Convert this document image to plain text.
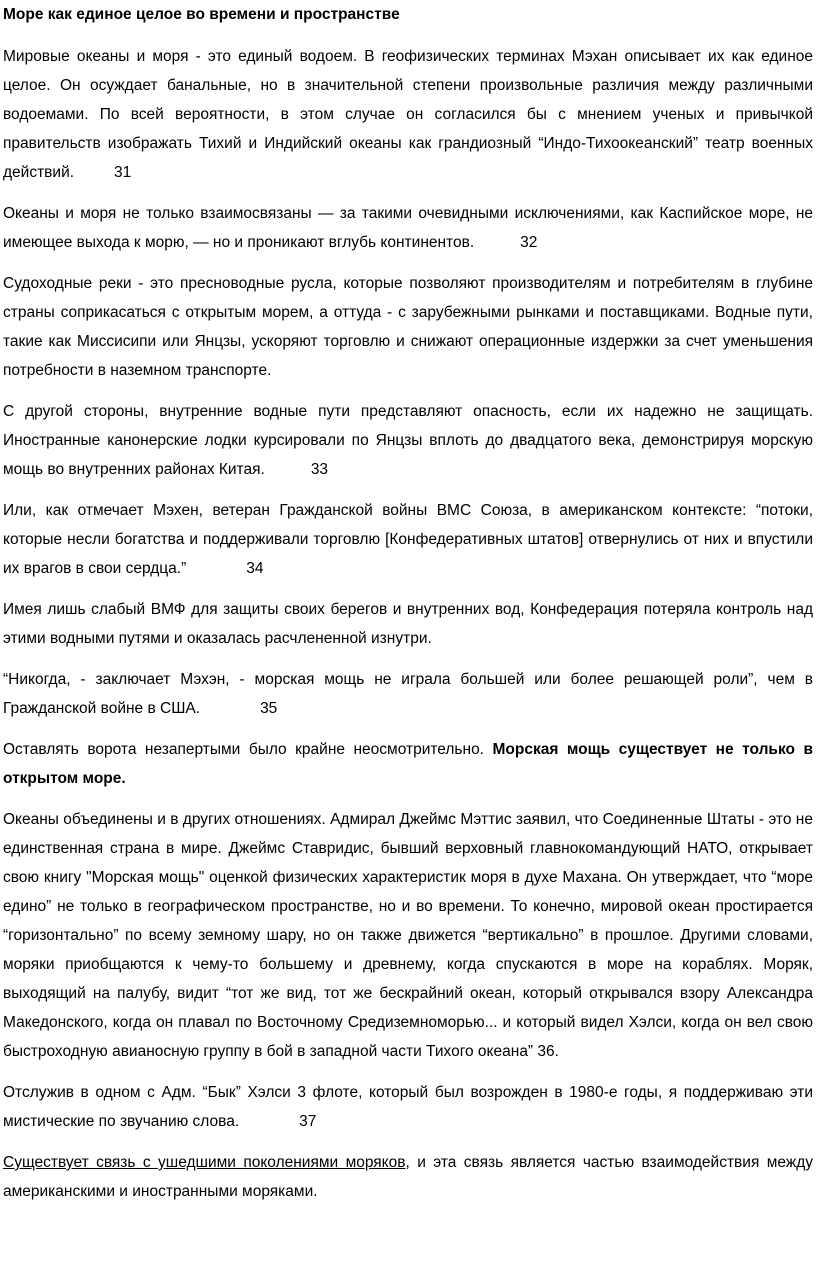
Море как единое целое во времени и пространстве

Мировые океаны и моря - это единый водоем. В геофизических терминах Мэхан описывает их как единое целое. Он осуждает банальные, но в значительной степени произвольные различия между различными водоемами. По всей вероятности, в этом случае он согласился бы с мнением ученых и привычкой правительств изображать Тихий и Индийский океаны как грандиозный “Индо-Тихоокеанский” театр военных действий.	31

Океаны и моря не только взаимосвязаны — за такими очевидными исключениями, как Каспийское море, не имеющее выхода к морю, — но и проникают вглубь континентов.	32

Судоходные реки - это пресноводные русла, которые позволяют производителям и потребителям в глубине страны соприкасаться с открытым морем, а оттуда - с зарубежными рынками и поставщиками. Водные пути, такие как Миссисипи или Янцзы, ускоряют торговлю и снижают операционные издержки за счет уменьшения потребности в наземном транспорте.

С другой стороны, внутренние водные пути представляют опасность, если их надежно не защищать. Иностранные канонерские лодки курсировали по Янцзы вплоть до двадцатого века, демонстрируя морскую мощь во внутренних районах Китая.	33

Или, как отмечает Мэхен, ветеран Гражданской войны ВМС Союза, в американском контексте: “потоки, которые несли богатства и поддерживали торговлю [Конфедеративных штатов] отвернулись от них и впустили их врагов в свои сердца.”	34

Имея лишь слабый ВМФ для защиты своих берегов и внутренних вод, Конфедерация потеряла контроль над этими водными путями и оказалась расчлененной изнутри.

“Никогда, - заключает Мэхэн, - морская мощь не играла большей или более решающей роли”, чем в Гражданской войне в США.	35

Оставлять ворота незапертыми было крайне неосмотрительно. Морская мощь существует не только в открытом море.

Океаны объединены и в других отношениях. Адмирал Джеймс Мэттис заявил, что Соединенные Штаты - это не единственная страна в мире. Джеймс Ставридис, бывший верховный главнокомандующий НАТО, открывает свою книгу "Морская мощь" оценкой физических характеристик моря в духе Махана. Он утверждает, что “море едино” не только в географическом пространстве, но и во времени. То конечно, мировой океан простирается “горизонтально” по всему земному шару, но он также движется “вертикально” в прошлое. Другими словами, моряки приобщаются к чему-то большему и древнему, когда спускаются в море на кораблях. Моряк, выходящий на палубу, видит “тот же вид, тот же бескрайний океан, который открывался взору Александра Македонского, когда он плавал по Восточному Средиземноморью... и который видел Хэлси, когда он вел свою быстроходную авианосную группу в бой в западной части Тихого океана” 36.

Отслужив в одном с Адм. “Бык” Хэлси 3 флоте, который был возрожден в 1980-е годы, я поддерживаю эти мистические по звучанию слова.	37

Существует связь с ушедшими поколениями моряков, и эта связь является частью взаимодействия между американскими и иностранными моряками.
